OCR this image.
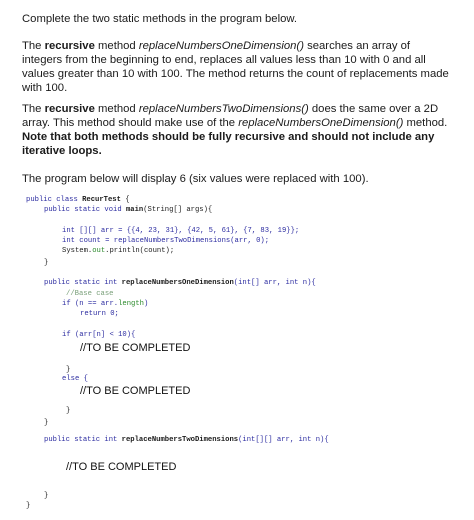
Complete the two static methods in the program below.
The recursive method replaceNumbersOneDimension() searches an array of integers from the beginning to end, replaces all values less than 10 with 0 and all values greater than 10 with 100. The method returns the count of replacements made with 100.
The recursive method replaceNumbersTwoDimensions() does the same over a 2D array. This method should make use of the replaceNumbersOneDimension() method. Note that both methods should be fully recursive and should not include any iterative loops.
The program below will display 6 (six values were replaced with 100).
public class RecurTest {
public static void main(String[] args){
int [][] arr = {{4, 23, 31}, {42, 5, 61}, {7, 83, 19}};
int count = replaceNumbersTwoDimensions(arr, 0);
System.out.println(count);
}
public static int replaceNumbersOneDimension(int[] arr, int n){
//Base case
if (n == arr.length)
return 0;
if (arr[n] < 10){
//TO BE COMPLETED
}
else {
//TO BE COMPLETED
}
}
public static int replaceNumbersTwoDimensions(int[][] arr, int n){
//TO BE COMPLETED
}
}
